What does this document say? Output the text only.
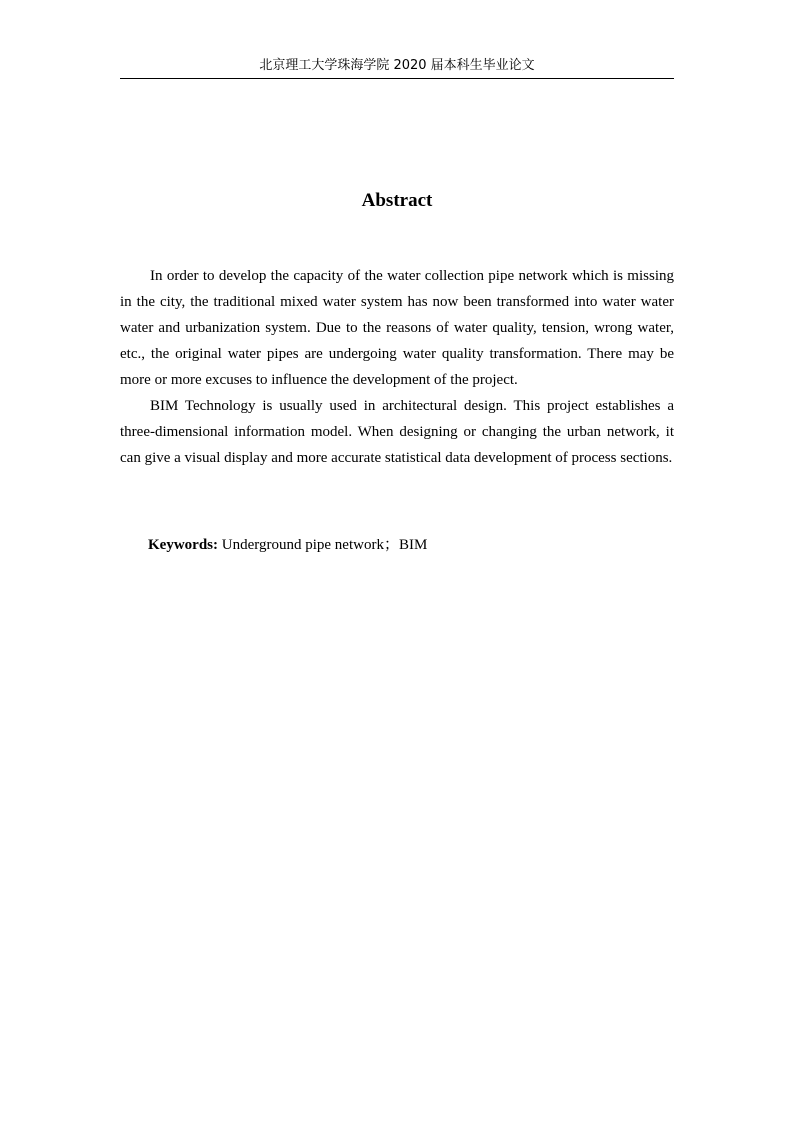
北京理工大学珠海学院 2020 届本科生毕业论文
Abstract

In order to develop the capacity of the water collection pipe network which is missing in the city, the traditional mixed water system has now been transformed into water water water and urbanization system. Due to the reasons of water quality, tension, wrong water, etc., the original water pipes are undergoing water quality transformation. There may be more or more excuses to influence the development of the project.

BIM Technology is usually used in architectural design. This project establishes a three-dimensional information model. When designing or changing the urban network, it can give a visual display and more accurate statistical data development of process sections.

Keywords: Underground pipe network；BIM
